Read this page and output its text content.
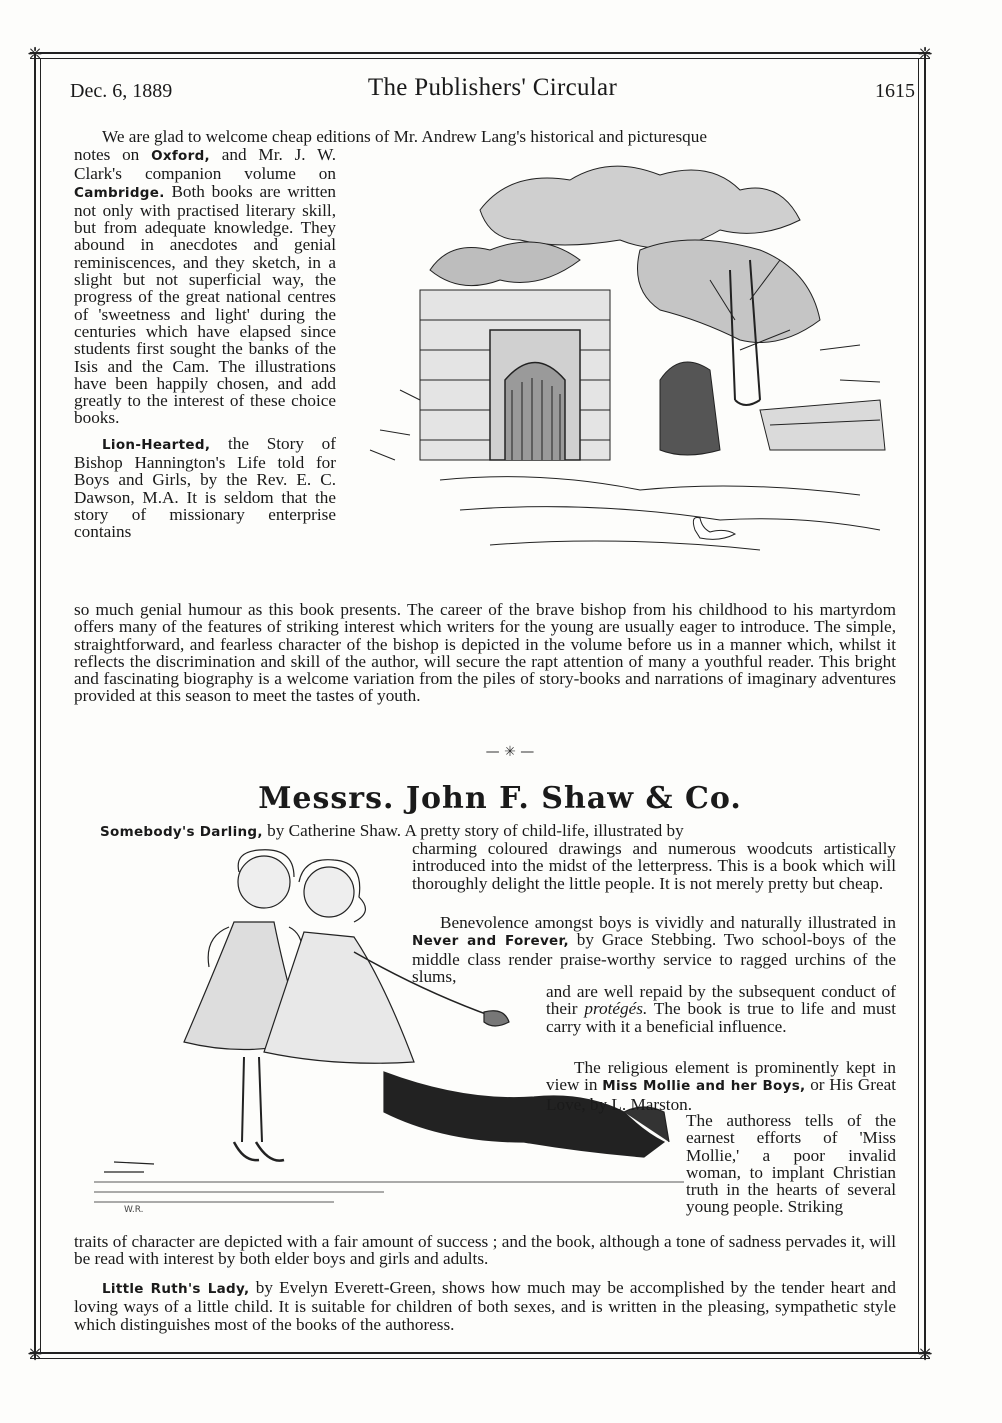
❈	❈
❈	❈
Dec. 6, 1889	The Publishers' Circular	1615
We are glad to welcome cheap editions of Mr. Andrew Lang's historical and picturesque

notes on Oxford, and Mr. J. W. Clark's companion volume on Cambridge. Both books are written not only with practised literary skill, but from adequate knowledge. They abound in anecdotes and genial reminiscences, and they sketch, in a slight but not superficial way, the progress of the great national centres of 'sweetness and light' during the centuries which have elapsed since students first sought the banks of the Isis and the Cam. The illustrations have been happily chosen, and add greatly to the interest of these choice books.

Lion-Hearted, the Story of Bishop Hannington's Life told for Boys and Girls, by the Rev. E. C. Dawson, M.A. It is seldom that the story of missionary enterprise contains

so much genial humour as this book presents. The career of the brave bishop from his childhood to his martyrdom offers many of the features of striking interest which writers for the young are usually eager to introduce. The simple, straightforward, and fearless character of the bishop is depicted in the volume before us in a manner which, whilst it reflects the discrimination and skill of the author, will secure the rapt attention of many a youthful reader. This bright and fascinating biography is a welcome variation from the piles of story-books and narrations of imaginary adventures provided at this season to meet the tastes of youth.
— ✳ —
Messrs. John F. Shaw & Co.
Somebody's Darling, by Catherine Shaw. A pretty story of child-life, illustrated by
W.R.
charming coloured drawings and numerous woodcuts artistically introduced into the midst of the letterpress. This is a book which will thoroughly delight the little people. It is not merely pretty but cheap.
Benevolence amongst boys is vividly and naturally illustrated in Never and Forever, by Grace Stebbing. Two school-boys of the middle class render praise-worthy service to ragged urchins of the slums,
and are well repaid by the subsequent conduct of their protégés. The book is true to life and must carry with it a beneficial influence.
The religious element is prominently kept in view in Miss Mollie and her Boys, or His Great Love, by L. Marston.
The authoress tells of the earnest efforts of 'Miss Mollie,' a poor invalid woman, to implant Christian truth in the hearts of several young people. Striking
traits of character are depicted with a fair amount of success ; and the book, although a tone of sadness pervades it, will be read with interest by both elder boys and girls and adults.
Little Ruth's Lady, by Evelyn Everett-Green, shows how much may be accomplished by the tender heart and loving ways of a little child. It is suitable for children of both sexes, and is written in the pleasing, sympathetic style which distinguishes most of the books of the authoress.
